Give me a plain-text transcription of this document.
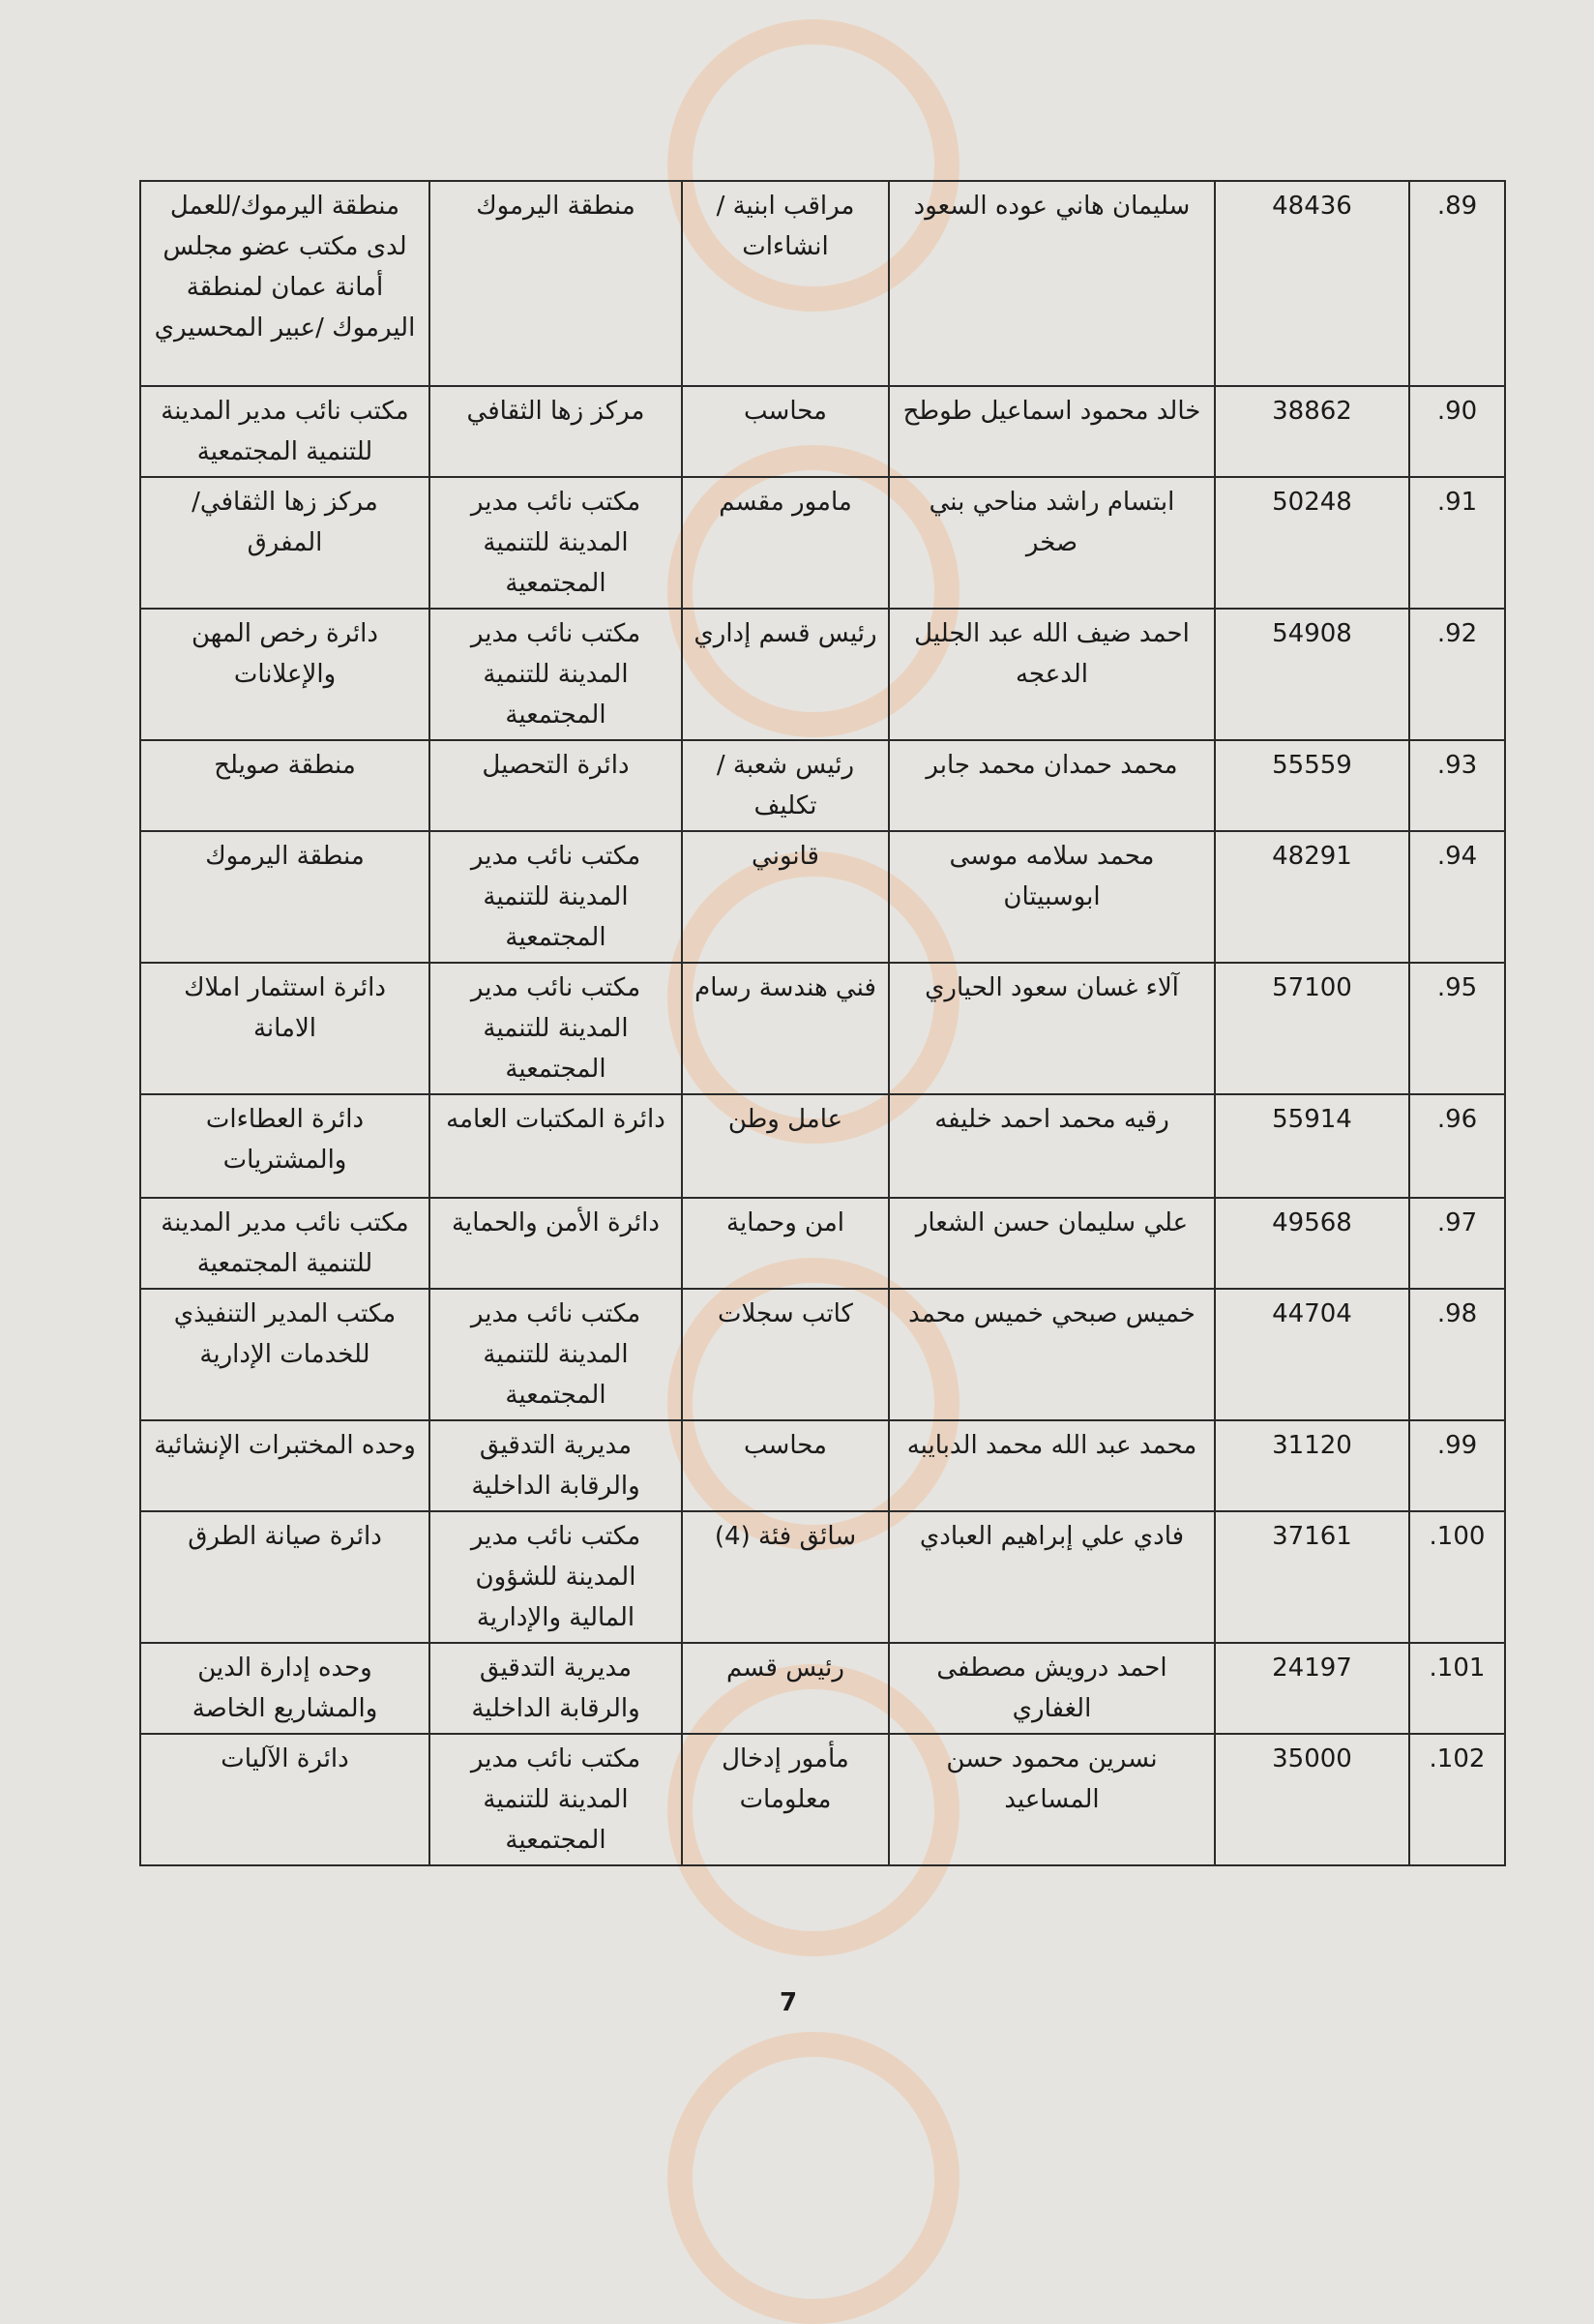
.89	48436	سليمان هاني عوده السعود	مراقب ابنية / انشاءات	منطقة اليرموك	منطقة اليرموك/للعمل لدى مكتب عضو مجلس أمانة عمان لمنطقة اليرموك /عبير المحسيري
.90	38862	خالد محمود اسماعيل طوطح	محاسب	مركز زها الثقافي	مكتب نائب مدير المدينة للتنمية المجتمعية
.91	50248	ابتسام راشد مناحي بني صخر	مامور مقسم	مكتب نائب مدير المدينة للتنمية المجتمعية	مركز زها الثقافي/ المفرق
.92	54908	احمد ضيف الله عبد الجليل الدعجه	رئيس قسم إداري	مكتب نائب مدير المدينة للتنمية المجتمعية	دائرة رخص المهن والإعلانات
.93	55559	محمد حمدان محمد جابر	رئيس شعبة /تكليف	دائرة التحصيل	منطقة صويلح
.94	48291	محمد سلامه موسى ابوسبيتان	قانوني	مكتب نائب مدير المدينة للتنمية المجتمعية	منطقة اليرموك
.95	57100	آلاء غسان سعود الحياري	فني هندسة رسام	مكتب نائب مدير المدينة للتنمية المجتمعية	دائرة استثمار املاك الامانة
.96	55914	رقيه محمد احمد خليفه	عامل وطن	دائرة المكتبات العامه	دائرة العطاءات والمشتريات
.97	49568	علي سليمان حسن الشعار	امن وحماية	دائرة الأمن والحماية	مكتب نائب مدير المدينة للتنمية المجتمعية
.98	44704	خميس صبحي خميس محمد	كاتب سجلات	مكتب نائب مدير المدينة للتنمية المجتمعية	مكتب المدير التنفيذي للخدمات الإدارية
.99	31120	محمد عبد الله محمد الدبايبه	محاسب	مديرية التدقيق والرقابة الداخلية	وحده المختبرات الإنشائية
.100	37161	فادي علي إبراهيم العبادي	سائق فئة (4)	مكتب نائب مدير المدينة للشؤون المالية والإدارية	دائرة صيانة الطرق
.101	24197	احمد درويش مصطفى الغفاري	رئيس قسم	مديرية التدقيق والرقابة الداخلية	وحده إدارة الدين والمشاريع الخاصة
.102	35000	نسرين محمود حسن المساعيد	مأمور إدخال معلومات	مكتب نائب مدير المدينة للتنمية المجتمعية	دائرة الآليات
7
